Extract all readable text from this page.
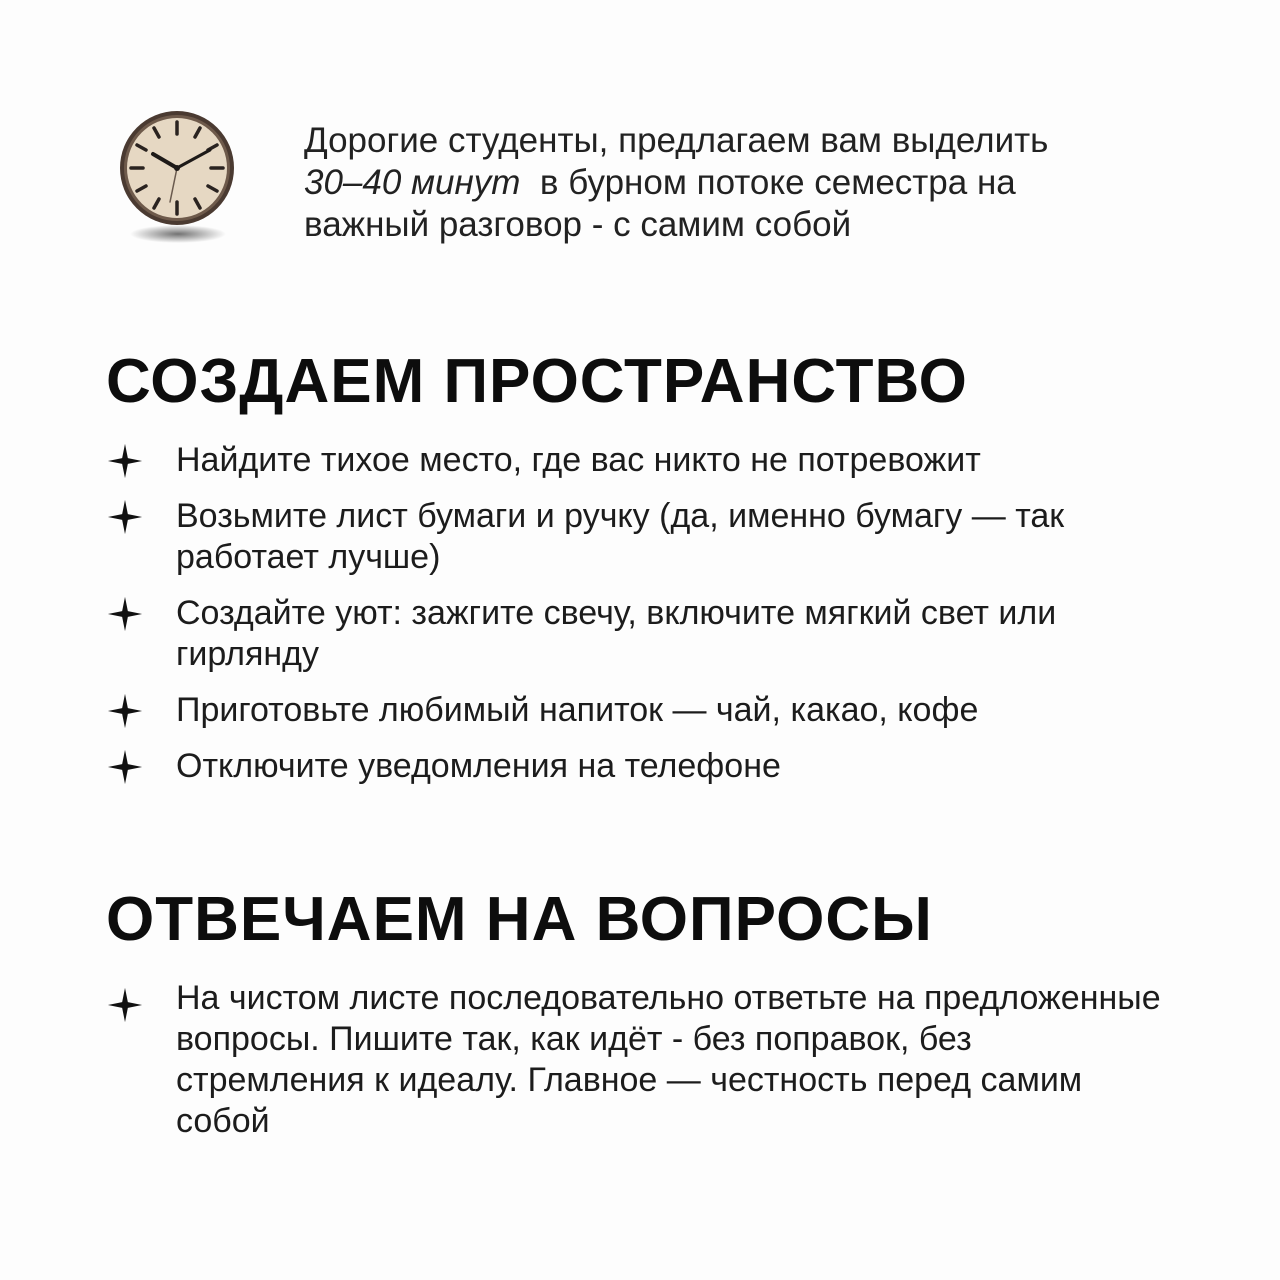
Дорогие студенты, предлагаем вам выделить
30–40 минут в бурном потоке семестра на
важный разговор - с самим собой
СОЗДАЕМ ПРОСТРАНСТВО
Найдите тихое место, где вас никто не потревожит
Возьмите лист бумаги и ручку (да, именно бумагу — так работает лучше)
Создайте уют: зажгите свечу, включите мягкий свет или гирлянду
Приготовьте любимый напиток — чай, какао, кофе
Отключите уведомления на телефоне
ОТВЕЧАЕМ НА ВОПРОСЫ
На чистом листе последовательно ответьте на предложенные вопросы. Пишите так, как идёт - без поправок, без стремления к идеалу. Главное — честность перед самим собой
